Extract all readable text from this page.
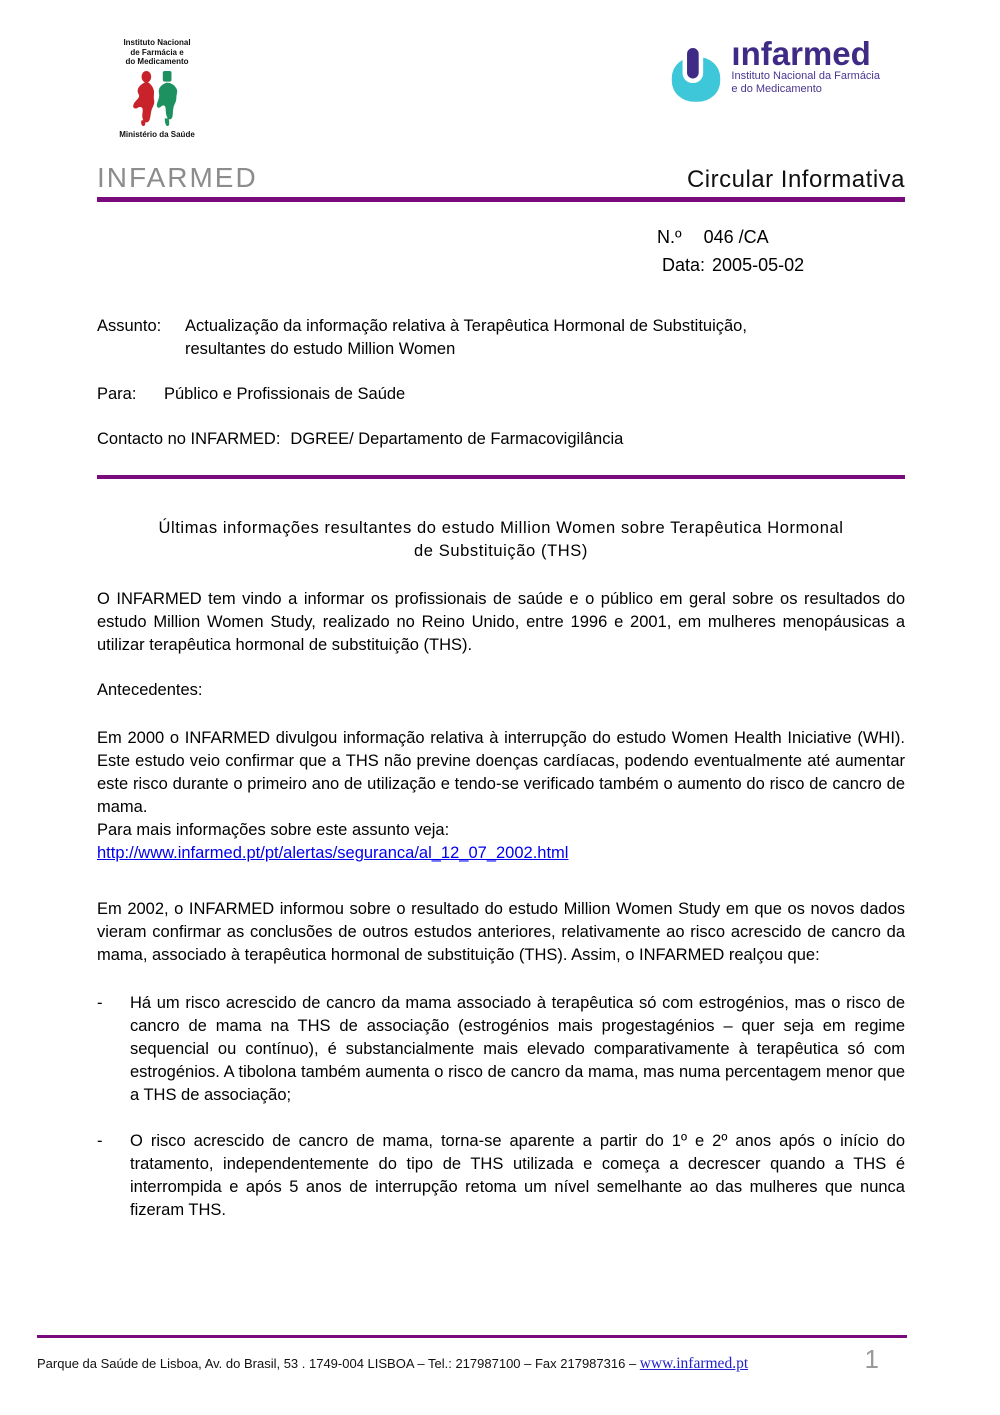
Instituto Nacional
de Farmácia e
do Medicamento
Ministério da Saúde
ınfarmed
Instituto Nacional da Farmácia
e do Medicamento
INFARMED	Circular Informativa
N.º 046 /CA
Data: 2005-05-02
Assunto:	Actualização da informação relativa à Terapêutica Hormonal de Substituição, resultantes do estudo Million Women
Para:	Público e Profissionais de Saúde
Contacto no INFARMED: DGREE/ Departamento de Farmacovigilância
Últimas informações resultantes do estudo Million Women sobre Terapêutica Hormonal de Substituição (THS)

O INFARMED tem vindo a informar os profissionais de saúde e o público em geral sobre os resultados do estudo Million Women Study, realizado no Reino Unido, entre 1996 e 2001, em mulheres menopáusicas a utilizar terapêutica hormonal de substituição (THS).

Antecedentes:

Em 2000 o INFARMED divulgou informação relativa à interrupção do estudo Women Health Iniciative (WHI). Este estudo veio confirmar que a THS não previne doenças cardíacas, podendo eventualmente até aumentar este risco durante o primeiro ano de utilização e tendo-se verificado também o aumento do risco de cancro de mama.

Para mais informações sobre este assunto veja:
http://www.infarmed.pt/pt/alertas/seguranca/al_12_07_2002.html

Em 2002, o INFARMED informou sobre o resultado do estudo Million Women Study em que os novos dados vieram confirmar as conclusões de outros estudos anteriores, relativamente ao risco acrescido de cancro da mama, associado à terapêutica hormonal de substituição (THS). Assim, o INFARMED realçou que:

-	Há um risco acrescido de cancro da mama associado à terapêutica só com estrogénios, mas o risco de cancro de mama na THS de associação (estrogénios mais progestagénios – quer seja em regime sequencial ou contínuo), é substancialmente mais elevado comparativamente à terapêutica só com estrogénios. A tibolona também aumenta o risco de cancro da mama, mas numa percentagem menor que a THS de associação;
-	O risco acrescido de cancro de mama, torna-se aparente a partir do 1º e 2º anos após o início do tratamento, independentemente do tipo de THS utilizada e começa a decrescer quando a THS é interrompida e após 5 anos de interrupção retoma um nível semelhante ao das mulheres que nunca fizeram THS.
Parque da Saúde de Lisboa, Av. do Brasil, 53 . 1749-004 LISBOA – Tel.: 217987100 – Fax 217987316 – www.infarmed.pt	1
